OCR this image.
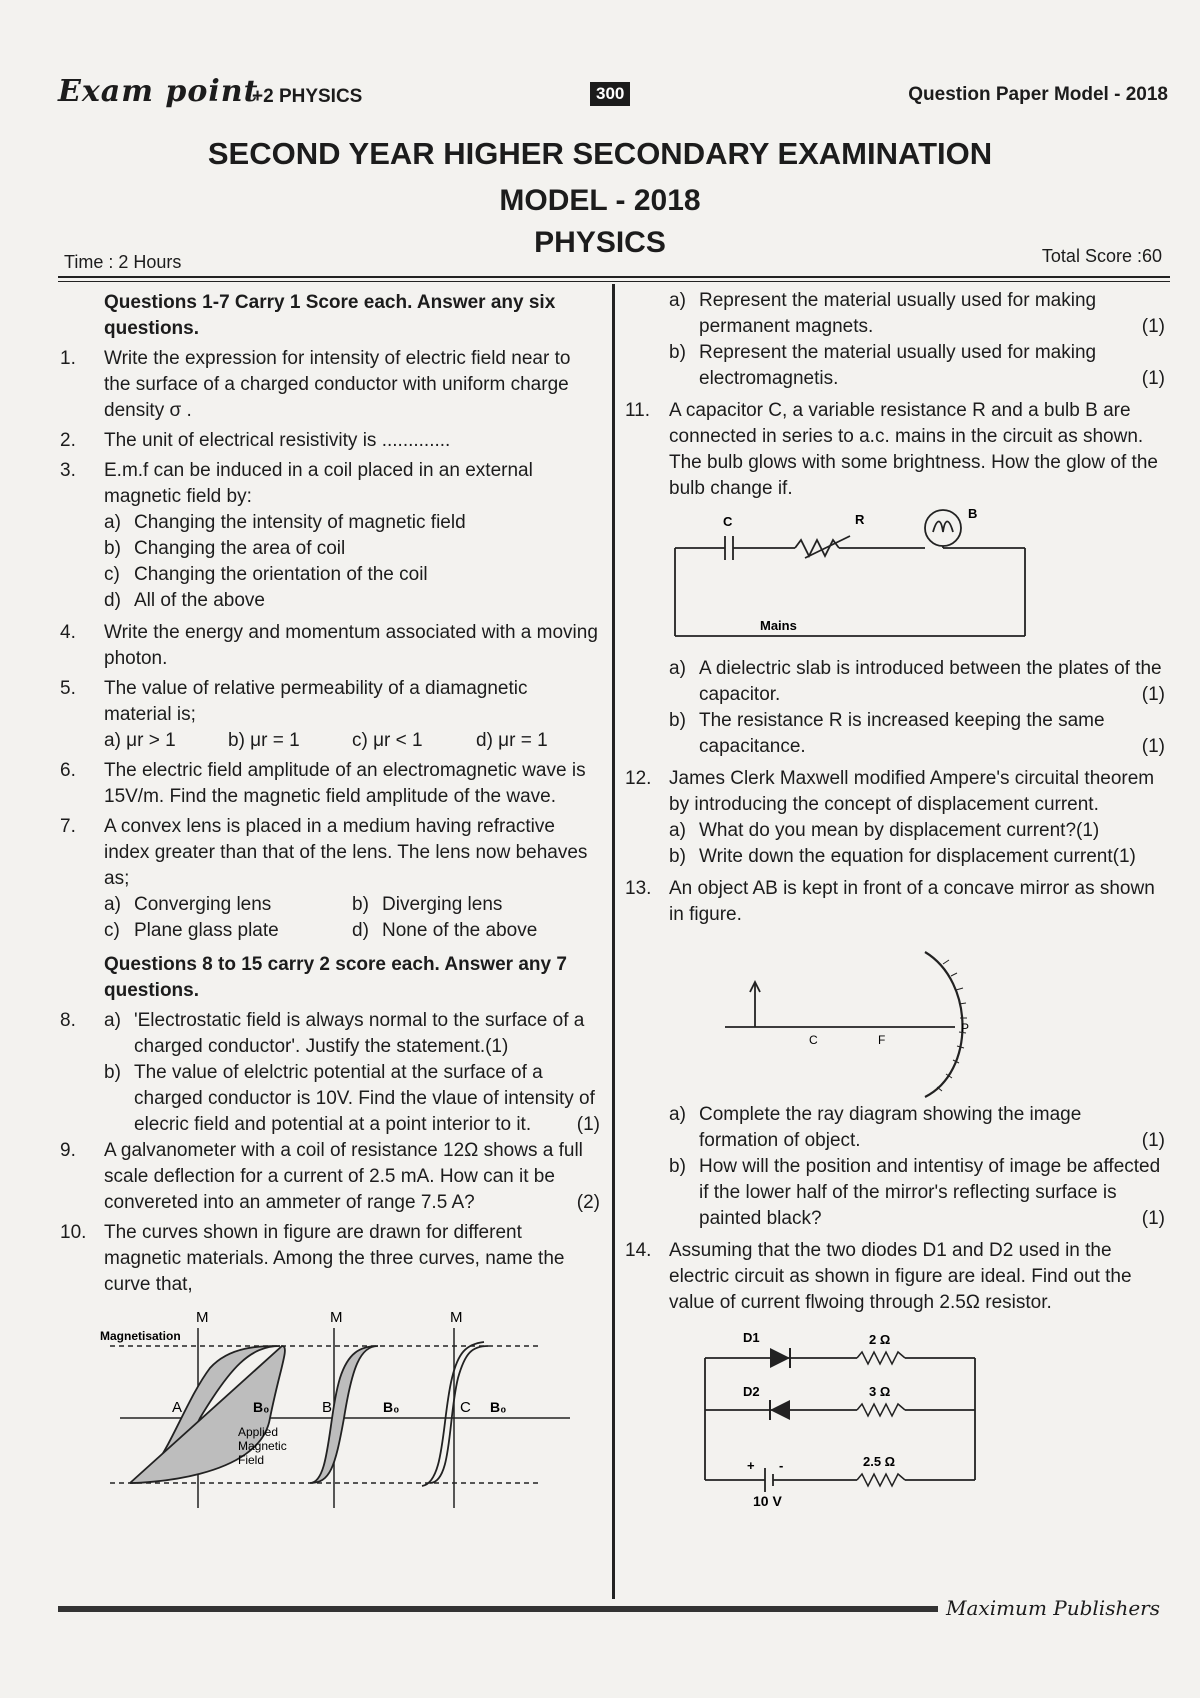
Exam point
+2 PHYSICS	300	Question Paper Model - 2018
SECOND YEAR HIGHER SECONDARY EXAMINATION
MODEL - 2018
PHYSICS
Time : 2 Hours	Total Score :60
Questions 1-7 Carry 1 Score each. Answer any six questions.
1.	Write the expression for intensity of electric field near to the surface of a charged conductor with uniform charge density σ .
2.	The unit of electrical resistivity is .............
3.	E.m.f can be induced in a coil placed in an external magnetic field by:
a) Changing the intensity of magnetic field
b) Changing the area of coil
c) Changing the orientation of the coil
d) All of the above
4.	Write the energy and momentum associated with a moving photon.
5.	The value of relative permeability of a diamagnetic material is;
a) μr > 1	b) μr = 1	c) μr < 1	d) μr = 1
6.	The electric field amplitude of an electromagnetic wave is 15V/m. Find the magnetic field amplitude of the wave.
7.	A convex lens is placed in a medium having refractive index greater than that of the lens. The lens now behaves as;
a) Converging lens	b) Diverging lens
c) Plane glass plate	d) None of the above
Questions 8 to 15 carry 2 score each. Answer any 7 questions.
8.	a) 'Electrostatic field is always normal to the surface of a charged conductor'. Justify the statement.(1)
b) The value of elelctric potential at the surface of a charged conductor is 10V. Find the vlaue of intensity of elecric field and potential at a point interior to it. (1)
9.	A galvanometer with a coil of resistance 12Ω shows a full scale deflection for a current of 2.5 mA. How can it be convereted into an ammeter of range 7.5 A?	(2)
10. The curves shown in figure are drawn for different magnetic materials. Among the three curves, name the curve that,
M	M	M
Magnetisation
A	B	C
B₀	B₀	B₀
Applied
Magnetic
Field
a) Represent the material usually used for making permanent magnets.	(1)
b) Represent the material usually used for making electromagnetis.	(1)
11. A capacitor C, a variable resistance R and a bulb B are connected in series to a.c. mains in the circuit as shown. The bulb glows with some brightness. How the glow of the bulb change if.
C	R	B
Mains
a) A dielectric slab is introduced between the plates of the capacitor.	(1)
b) The resistance R is increased keeping the same capacitance.	(1)
12. James Clerk Maxwell modified Ampere's circuital theorem by introducing the concept of displacement current.
a) What do you mean by displacement current?(1)
b) Write down the equation for displacement current(1)
13. An object AB is kept in front of a concave mirror as shown in figure.
C	F
P
a) Complete the ray diagram showing the image formation of object.	(1)
b) How will the position and intentisy of image be affected if the lower half of the mirror's reflecting surface is painted black?	(1)
14. Assuming that the two diodes D1 and D2 used in the electric circuit as shown in figure are ideal. Find out the value of current flwoing through 2.5Ω resistor.
D1
D2
2 Ω
3 Ω
2.5 Ω
+ -
10 V
Maximum Publishers
